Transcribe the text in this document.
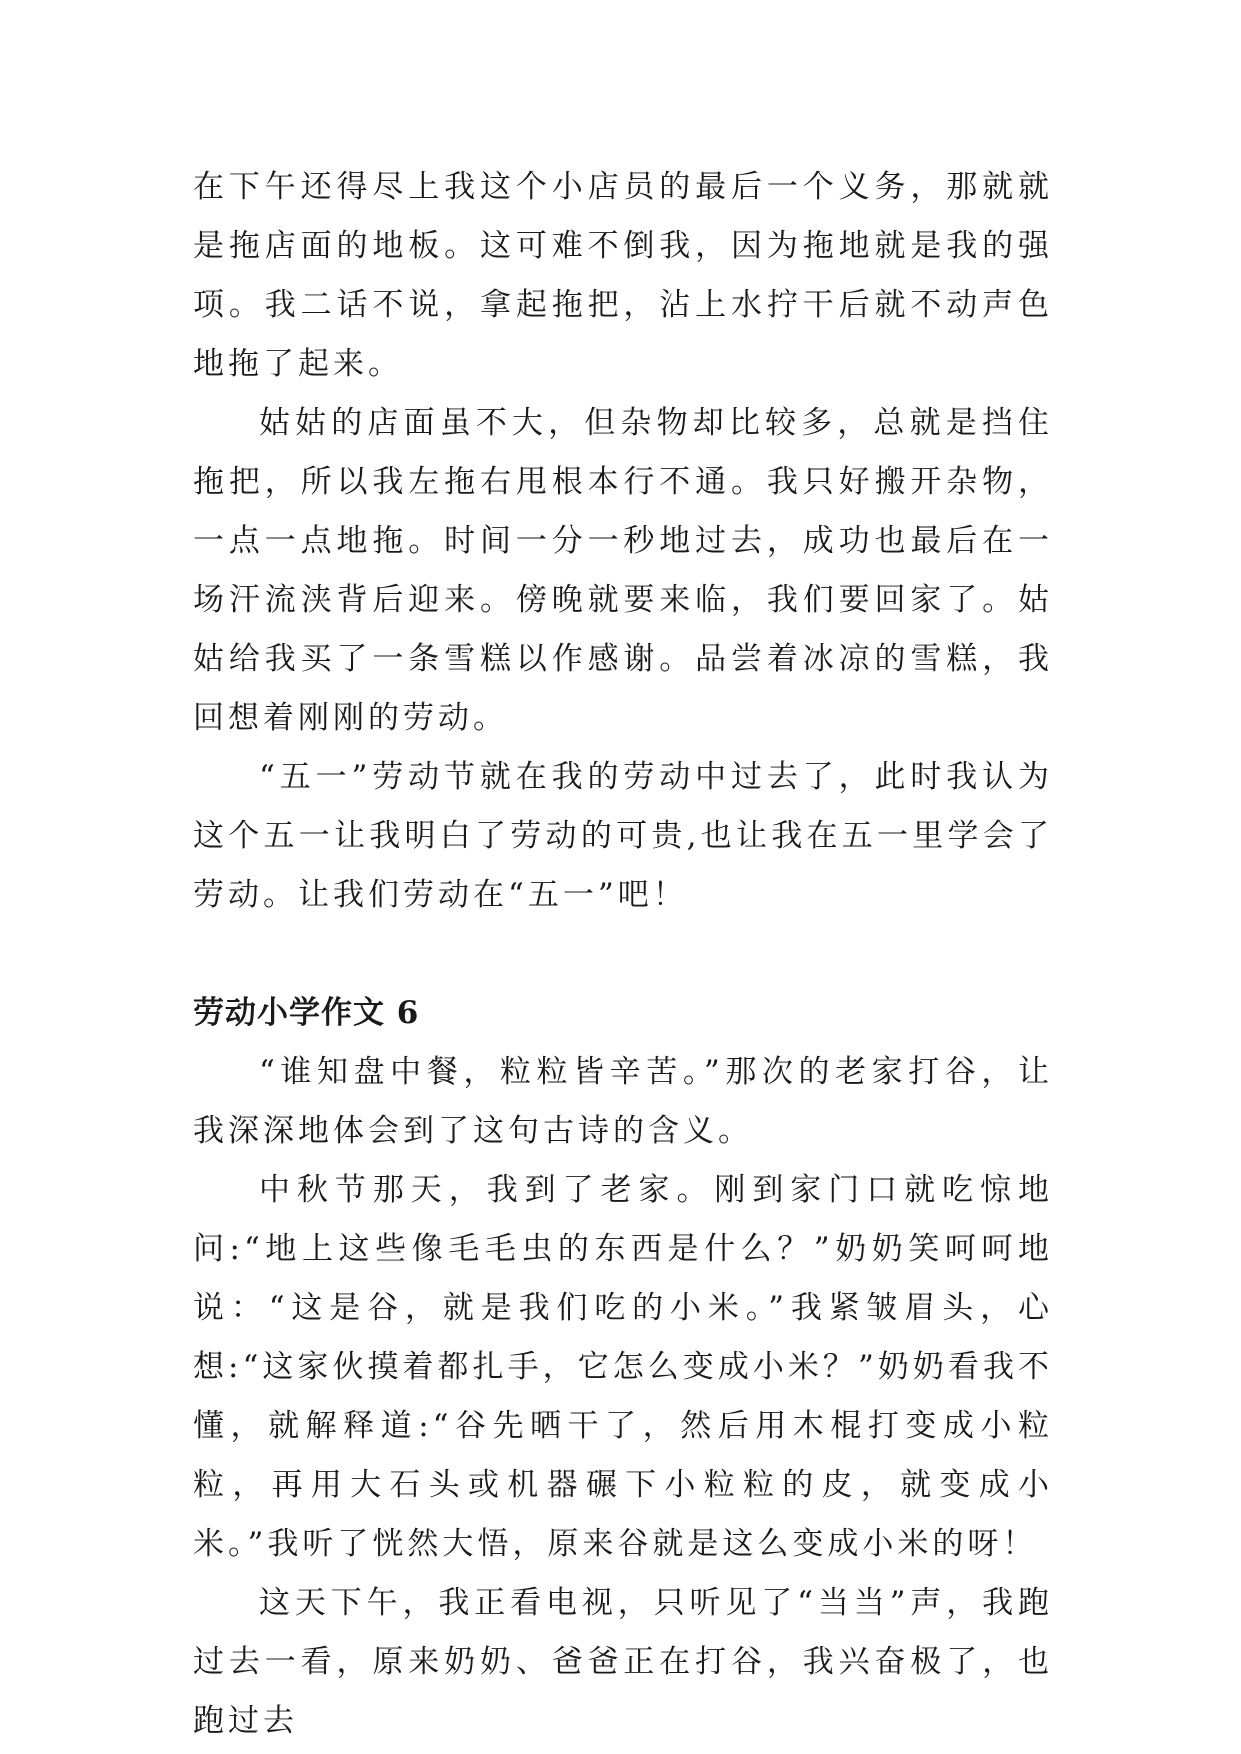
在下午还得尽上我这个小店员的最后一个义务，那就就是拖店面的地板。这可难不倒我，因为拖地就是我的强项。我二话不说，拿起拖把，沾上水拧干后就不动声色地拖了起来。

姑姑的店面虽不大，但杂物却比较多，总就是挡住拖把，所以我左拖右甩根本行不通。我只好搬开杂物，一点一点地拖。时间一分一秒地过去，成功也最后在一场汗流浃背后迎来。傍晚就要来临，我们要回家了。姑姑给我买了一条雪糕以作感谢。品尝着冰凉的雪糕，我回想着刚刚的劳动。

“五一”劳动节就在我的劳动中过去了，此时我认为这个五一让我明白了劳动的可贵,也让我在五一里学会了劳动。让我们劳动在“五一”吧！

劳动小学作文 6

“谁知盘中餐，粒粒皆辛苦。”那次的老家打谷，让我深深地体会到了这句古诗的含义。

中秋节那天，我到了老家。刚到家门口就吃惊地问:“地上这些像毛毛虫的东西是什么？”奶奶笑呵呵地说：“这是谷，就是我们吃的小米。”我紧皱眉头，心想:“这家伙摸着都扎手，它怎么变成小米？”奶奶看我不懂，就解释道:“谷先晒干了，然后用木棍打变成小粒粒，再用大石头或机器碾下小粒粒的皮，就变成小米。”我听了恍然大悟，原来谷就是这么变成小米的呀！

这天下午，我正看电视，只听见了“当当”声，我跑过去一看，原来奶奶、爸爸正在打谷，我兴奋极了，也跑过去
